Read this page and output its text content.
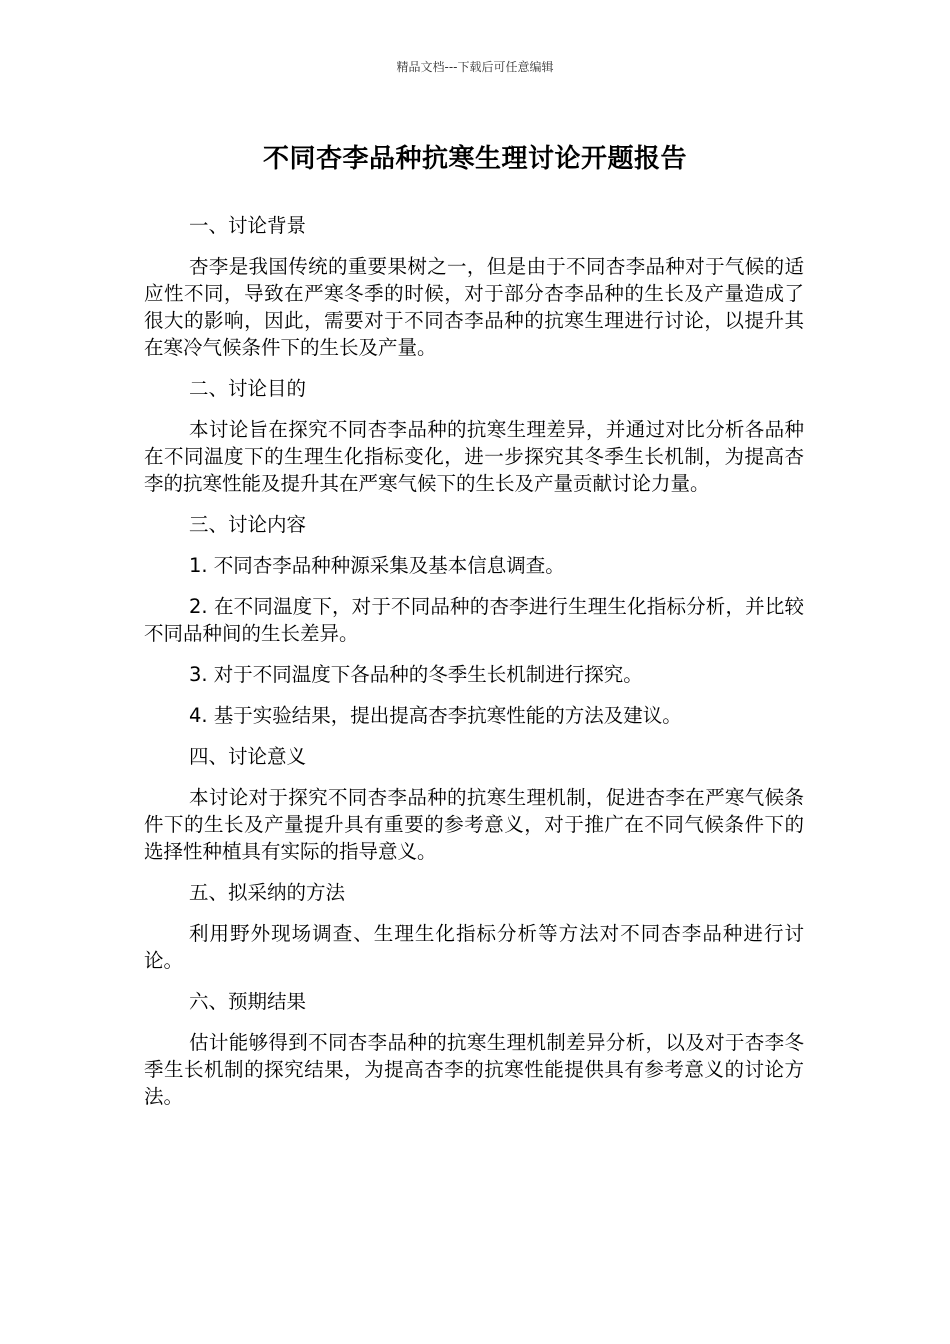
精品文档---下载后可任意编辑
不同杏李品种抗寒生理讨论开题报告

一、讨论背景

杏李是我国传统的重要果树之一，但是由于不同杏李品种对于气候的适应性不同，导致在严寒冬季的时候，对于部分杏李品种的生长及产量造成了很大的影响，因此，需要对于不同杏李品种的抗寒生理进行讨论，以提升其在寒冷气候条件下的生长及产量。

二、讨论目的

本讨论旨在探究不同杏李品种的抗寒生理差异，并通过对比分析各品种在不同温度下的生理生化指标变化，进一步探究其冬季生长机制，为提高杏李的抗寒性能及提升其在严寒气候下的生长及产量贡献讨论力量。

三、讨论内容

1. 不同杏李品种种源采集及基本信息调查。

2. 在不同温度下，对于不同品种的杏李进行生理生化指标分析，并比较不同品种间的生长差异。

3. 对于不同温度下各品种的冬季生长机制进行探究。

4. 基于实验结果，提出提高杏李抗寒性能的方法及建议。

四、讨论意义

本讨论对于探究不同杏李品种的抗寒生理机制，促进杏李在严寒气候条件下的生长及产量提升具有重要的参考意义，对于推广在不同气候条件下的选择性种植具有实际的指导意义。

五、拟采纳的方法

利用野外现场调查、生理生化指标分析等方法对不同杏李品种进行讨论。

六、预期结果

估计能够得到不同杏李品种的抗寒生理机制差异分析，以及对于杏李冬季生长机制的探究结果，为提高杏李的抗寒性能提供具有参考意义的讨论方法。
